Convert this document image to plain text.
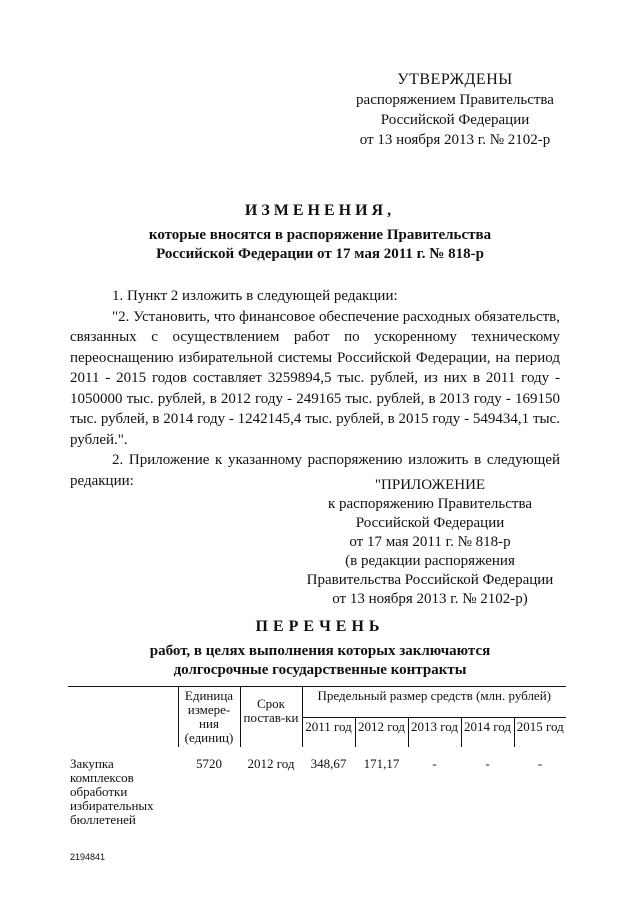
УТВЕРЖДЕНЫ
распоряжением Правительства
Российской Федерации
от 13 ноября 2013 г. № 2102-р
ИЗМЕНЕНИЯ,
которые вносятся в распоряжение Правительства
Российской Федерации от 17 мая 2011 г. № 818-р

1. Пункт 2 изложить в следующей редакции:

"2. Установить, что финансовое обеспечение расходных обязательств, связанных с осуществлением работ по ускоренному техническому переоснащению избирательной системы Российской Федерации, на период 2011 - 2015 годов составляет 3259894,5 тыс. рублей, из них в 2011 году - 1050000 тыс. рублей, в 2012 году - 249165 тыс. рублей, в 2013 году - 169150 тыс. рублей, в 2014 году - 1242145,4 тыс. рублей, в 2015 году - 549434,1 тыс. рублей.".

2. Приложение к указанному распоряжению изложить в следующей редакции:	"ПРИЛОЖЕНИЕ
к распоряжению Правительства
Российской Федерации
от 17 мая 2011 г. № 818-р
(в редакции распоряжения
Правительства Российской Федерации
от 13 ноября 2013 г. № 2102-р)
ПЕРЕЧЕНЬ
работ, в целях выполнения которых заключаются
долгосрочные государственные контракты
	Единица измере-ния (единиц)	Срок постав-ки	Предельный размер средств (млн. рублей)				
			2011 год	2012 год	2013 год	2014 год	2015 год
Закупка комплексов обработки избирательных бюллетеней	5720	2012 год	348,67	171,17	-	-	-
2194841
